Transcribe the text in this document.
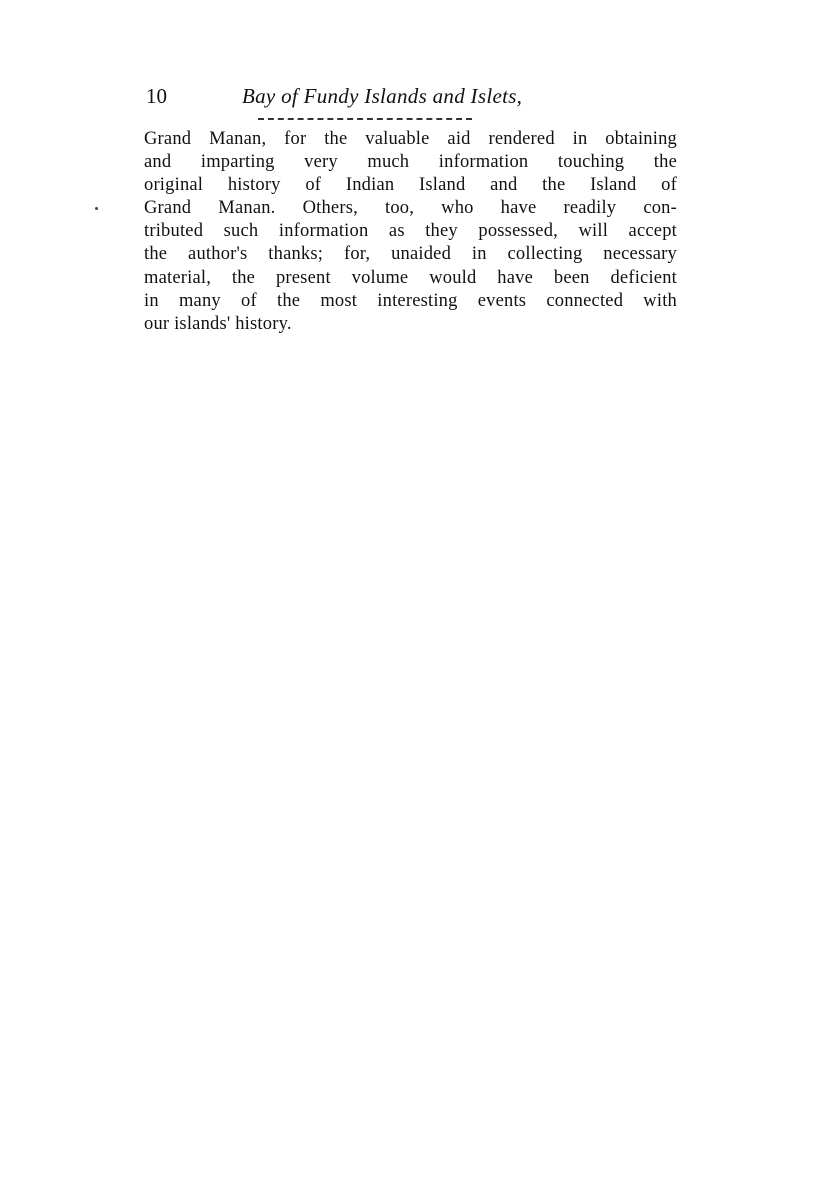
10	Bay of Fundy Islands and Islets,
Grand Manan, for the valuable aid rendered in obtaining
and imparting very much information touching the
original history of Indian Island and the Island of
Grand Manan. Others, too, who have readily con-
tributed such information as they possessed, will accept
the author's thanks; for, unaided in collecting necessary
material, the present volume would have been deficient
in many of the most interesting events connected with
our islands' history.
